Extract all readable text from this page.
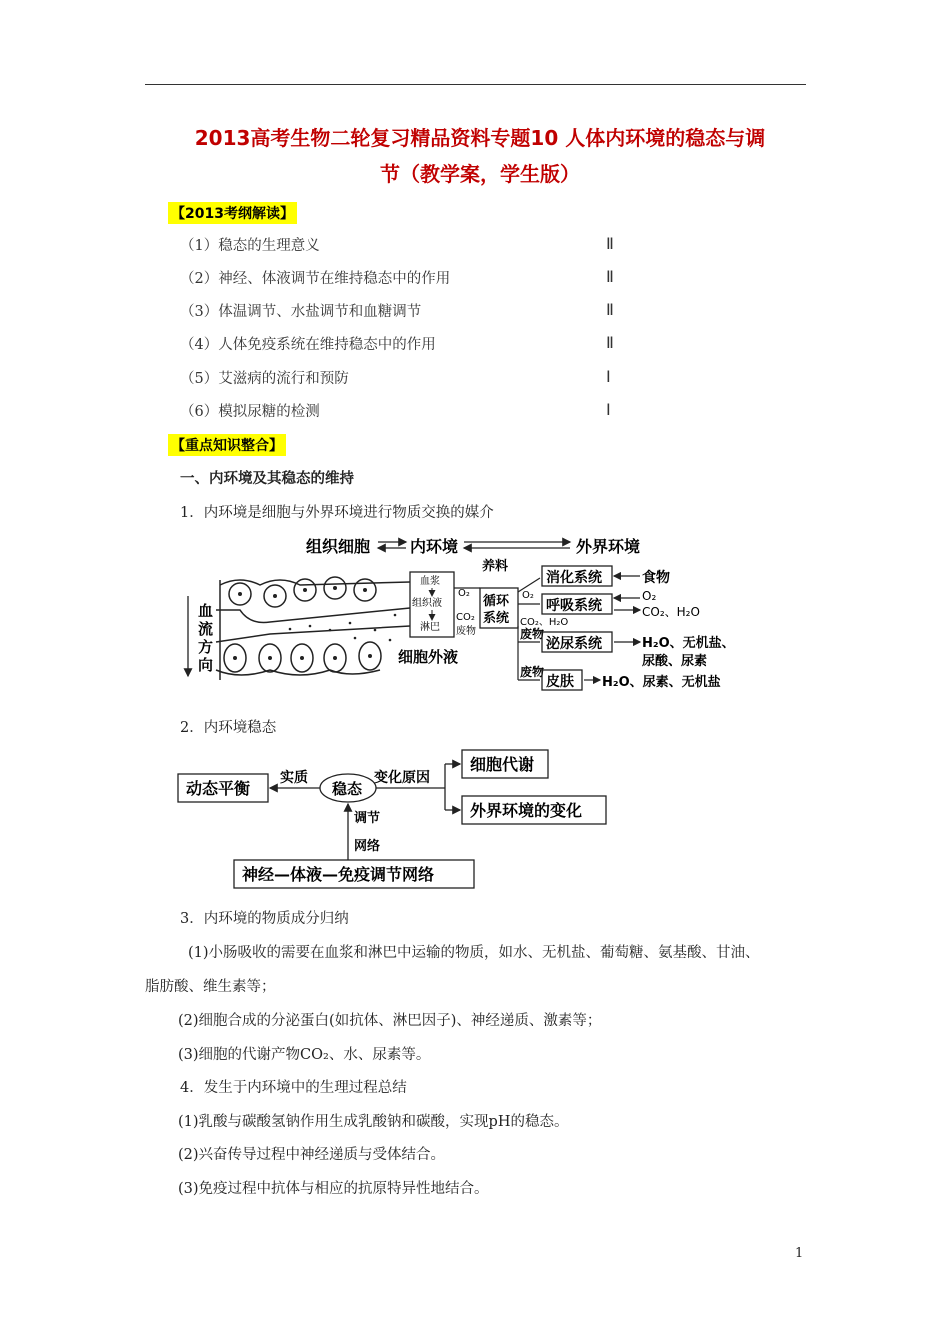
2013高考生物二轮复习精品资料专题10 人体内环境的稳态与调
节（教学案，学生版）
【2013考纲解读】
（1）稳态的生理意义	Ⅱ
（2）神经、体液调节在维持稳态中的作用	Ⅱ
（3）体温调节、水盐调节和血糖调节	Ⅱ
（4）人体免疫系统在维持稳态中的作用	Ⅱ
（5）艾滋病的流行和预防	Ⅰ
（6）模拟尿糖的检测	Ⅰ
【重点知识整合】
一、内环境及其稳态的维持
1．内环境是细胞与外界环境进行物质交换的媒介
组织细胞 内环境	外界环境
血
流
方
向
血浆
组织液
淋巴
细胞外液
O₂
CO₂
废物
循环
系统
养料
消化系统	食物
O₂
呼吸系统
O₂
CO₂、H₂O
CO₂、H₂O
废物
泌尿系统	H₂O、无机盐、
尿酸、尿素
废物
皮肤 H₂O、尿素、无机盐
2．内环境稳态
动态平衡
实质
稳态
变化原因
细胞代谢
外界环境的变化
调节
网络
神经—体液—免疫调节网络
3．内环境的物质成分归纳
(1)小肠吸收的需要在血浆和淋巴中运输的物质，如水、无机盐、葡萄糖、氨基酸、甘油、
脂肪酸、维生素等；
(2)细胞合成的分泌蛋白(如抗体、淋巴因子)、神经递质、激素等；
(3)细胞的代谢产物CO₂、水、尿素等。
4．发生于内环境中的生理过程总结
(1)乳酸与碳酸氢钠作用生成乳酸钠和碳酸，实现pH的稳态。
(2)兴奋传导过程中神经递质与受体结合。
(3)免疫过程中抗体与相应的抗原特异性地结合。
1
